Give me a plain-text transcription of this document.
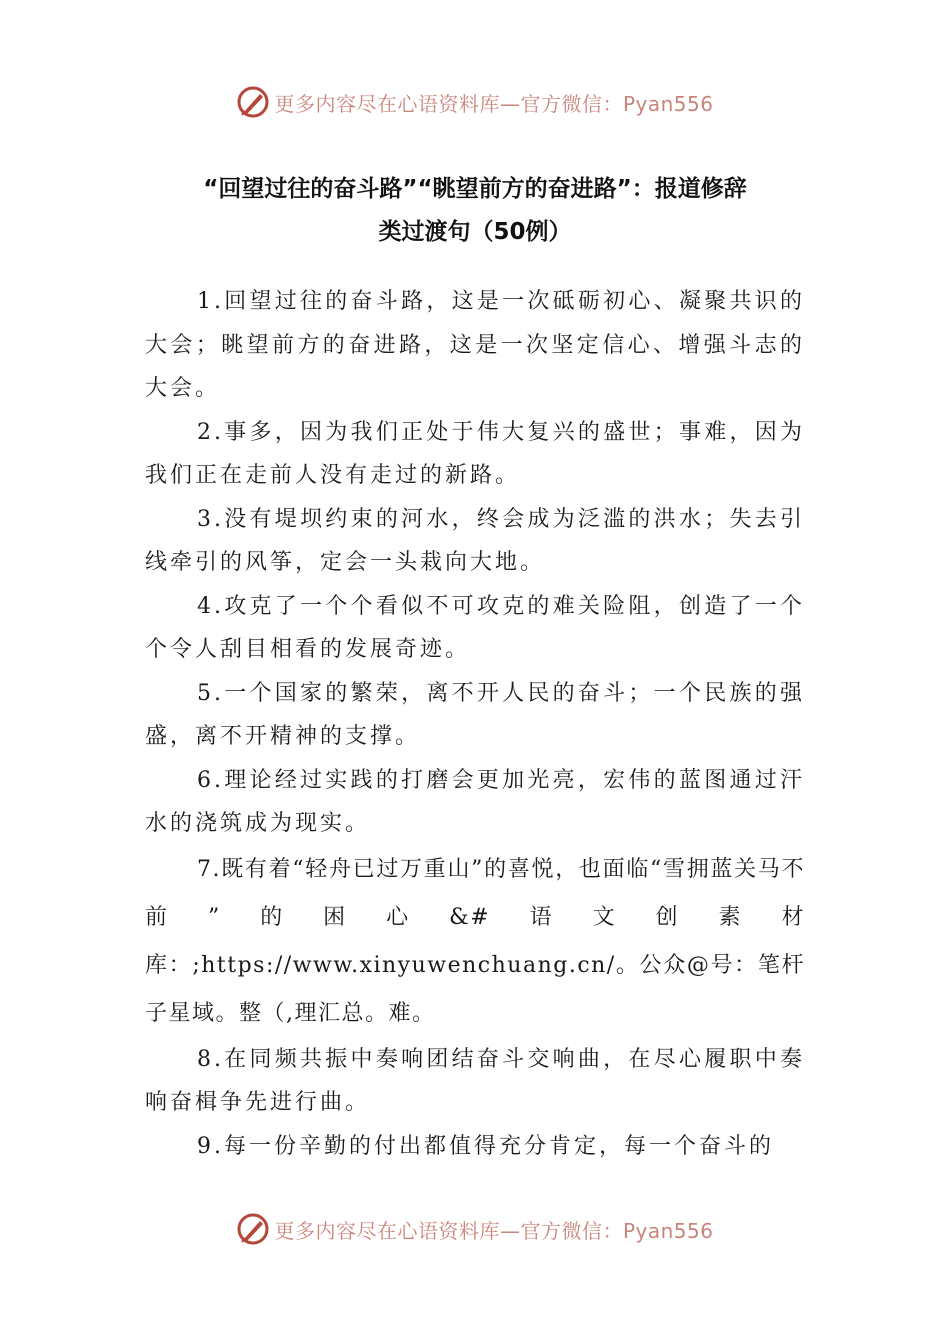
更多内容尽在心语资料库—官方微信：Pyan556
“回望过往的奋斗路”“眺望前方的奋进路”：报道修辞
类过渡句（50例）

1.回望过往的奋斗路，这是一次砥砺初心、凝聚共识的大会；眺望前方的奋进路，这是一次坚定信心、增强斗志的大会。

2.事多，因为我们正处于伟大复兴的盛世；事难，因为我们正在走前人没有走过的新路。

3.没有堤坝约束的河水，终会成为泛滥的洪水；失去引线牵引的风筝，定会一头栽向大地。

4.攻克了一个个看似不可攻克的难关险阻，创造了一个个令人刮目相看的发展奇迹。

5.一个国家的繁荣，离不开人民的奋斗；一个民族的强盛，离不开精神的支撑。

6.理论经过实践的打磨会更加光亮，宏伟的蓝图通过汗水的浇筑成为现实。

7.既有着“轻舟已过万重山”的喜悦，也面临“雪拥蓝关马不前”的困心&#语文创素材库：;https://www.xinyuwenchuang.cn/。公众@号：笔杆子星域。整（,理汇总。难。

8.在同频共振中奏响团结奋斗交响曲，在尽心履职中奏响奋楫争先进行曲。

9.每一份辛勤的付出都值得充分肯定，每一个奋斗的

更多内容尽在心语资料库—官方微信：Pyan556
